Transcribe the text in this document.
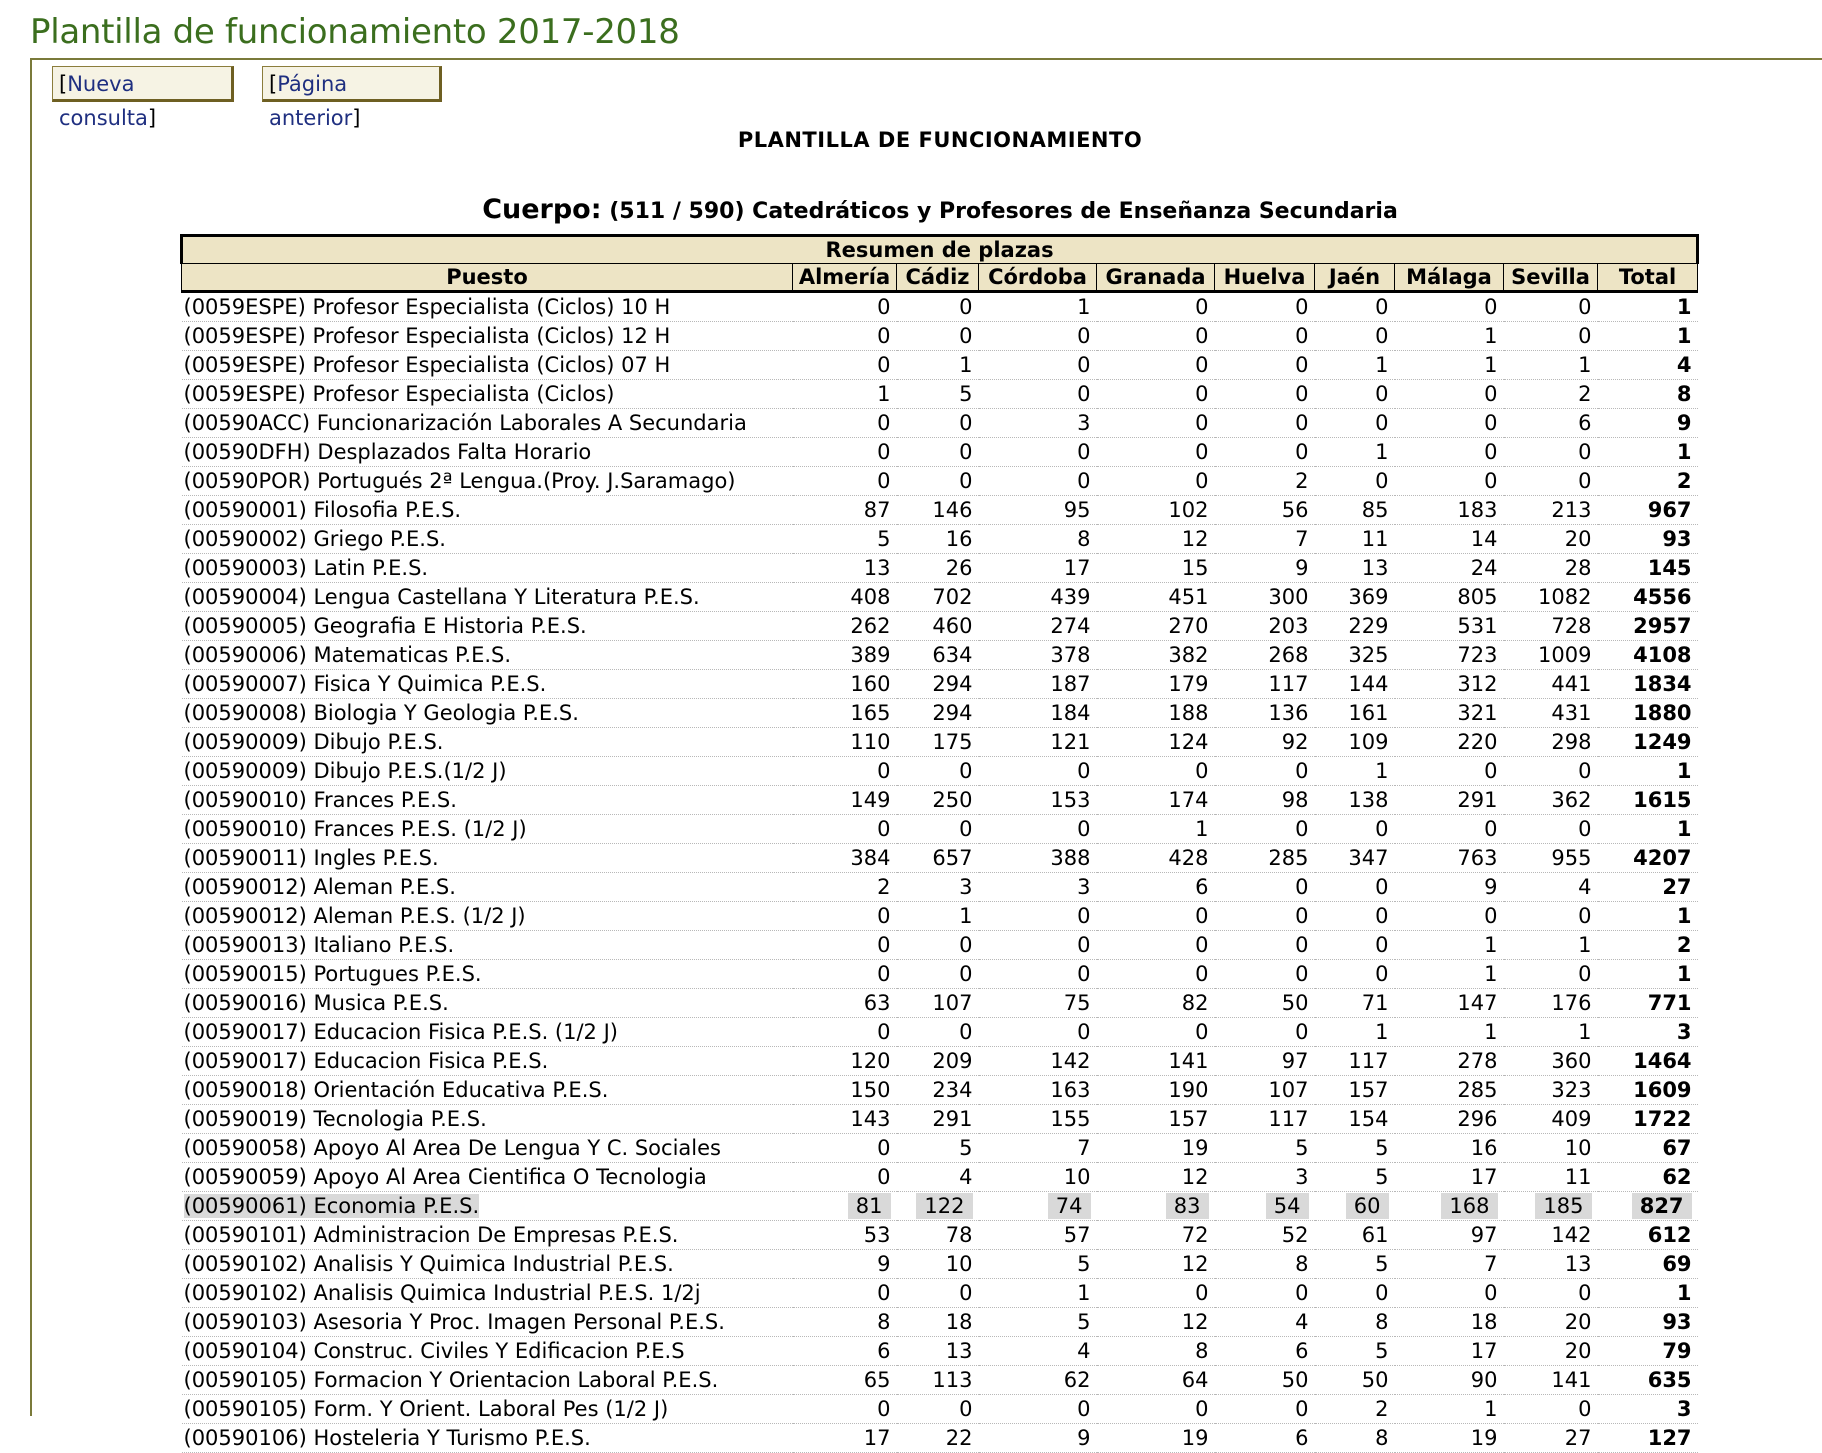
Plantilla de funcionamiento 2017-2018
[Nueva consulta]
[Página anterior]
PLANTILLA DE FUNCIONAMIENTO
Cuerpo: (511 / 590) Catedráticos y Profesores de Enseñanza Secundaria
Resumen de plazas									
Puesto	Almería	Cádiz	Córdoba	Granada	Huelva	Jaén	Málaga	Sevilla	Total
(0059ESPE) Profesor Especialista (Ciclos) 10 H	0	0	1	0	0	0	0	0	1
(0059ESPE) Profesor Especialista (Ciclos) 12 H	0	0	0	0	0	0	1	0	1
(0059ESPE) Profesor Especialista (Ciclos) 07 H	0	1	0	0	0	1	1	1	4
(0059ESPE) Profesor Especialista (Ciclos)	1	5	0	0	0	0	0	2	8
(00590ACC) Funcionarización Laborales A Secundaria	0	0	3	0	0	0	0	6	9
(00590DFH) Desplazados Falta Horario	0	0	0	0	0	1	0	0	1
(00590POR) Portugués 2ª Lengua.(Proy. J.Saramago)	0	0	0	0	2	0	0	0	2
(00590001) Filosofia P.E.S.	87	146	95	102	56	85	183	213	967
(00590002) Griego P.E.S.	5	16	8	12	7	11	14	20	93
(00590003) Latin P.E.S.	13	26	17	15	9	13	24	28	145
(00590004) Lengua Castellana Y Literatura P.E.S.	408	702	439	451	300	369	805	1082	4556
(00590005) Geografia E Historia P.E.S.	262	460	274	270	203	229	531	728	2957
(00590006) Matematicas P.E.S.	389	634	378	382	268	325	723	1009	4108
(00590007) Fisica Y Quimica P.E.S.	160	294	187	179	117	144	312	441	1834
(00590008) Biologia Y Geologia P.E.S.	165	294	184	188	136	161	321	431	1880
(00590009) Dibujo P.E.S.	110	175	121	124	92	109	220	298	1249
(00590009) Dibujo P.E.S.(1/2 J)	0	0	0	0	0	1	0	0	1
(00590010) Frances P.E.S.	149	250	153	174	98	138	291	362	1615
(00590010) Frances P.E.S. (1/2 J)	0	0	0	1	0	0	0	0	1
(00590011) Ingles P.E.S.	384	657	388	428	285	347	763	955	4207
(00590012) Aleman P.E.S.	2	3	3	6	0	0	9	4	27
(00590012) Aleman P.E.S. (1/2 J)	0	1	0	0	0	0	0	0	1
(00590013) Italiano P.E.S.	0	0	0	0	0	0	1	1	2
(00590015) Portugues P.E.S.	0	0	0	0	0	0	1	0	1
(00590016) Musica P.E.S.	63	107	75	82	50	71	147	176	771
(00590017) Educacion Fisica P.E.S. (1/2 J)	0	0	0	0	0	1	1	1	3
(00590017) Educacion Fisica P.E.S.	120	209	142	141	97	117	278	360	1464
(00590018) Orientación Educativa P.E.S.	150	234	163	190	107	157	285	323	1609
(00590019) Tecnologia P.E.S.	143	291	155	157	117	154	296	409	1722
(00590058) Apoyo Al Area De Lengua Y C. Sociales	0	5	7	19	5	5	16	10	67
(00590059) Apoyo Al Area Cientifica O Tecnologia	0	4	10	12	3	5	17	11	62
(00590061) Economia P.E.S.	81	122	74	83	54	60	168	185	827
(00590101) Administracion De Empresas P.E.S.	53	78	57	72	52	61	97	142	612
(00590102) Analisis Y Quimica Industrial P.E.S.	9	10	5	12	8	5	7	13	69
(00590102) Analisis Quimica Industrial P.E.S. 1/2j	0	0	1	0	0	0	0	0	1
(00590103) Asesoria Y Proc. Imagen Personal P.E.S.	8	18	5	12	4	8	18	20	93
(00590104) Construc. Civiles Y Edificacion P.E.S	6	13	4	8	6	5	17	20	79
(00590105) Formacion Y Orientacion Laboral P.E.S.	65	113	62	64	50	50	90	141	635
(00590105) Form. Y Orient. Laboral Pes (1/2 J)	0	0	0	0	0	2	1	0	3
(00590106) Hosteleria Y Turismo P.E.S.	17	22	9	19	6	8	19	27	127
